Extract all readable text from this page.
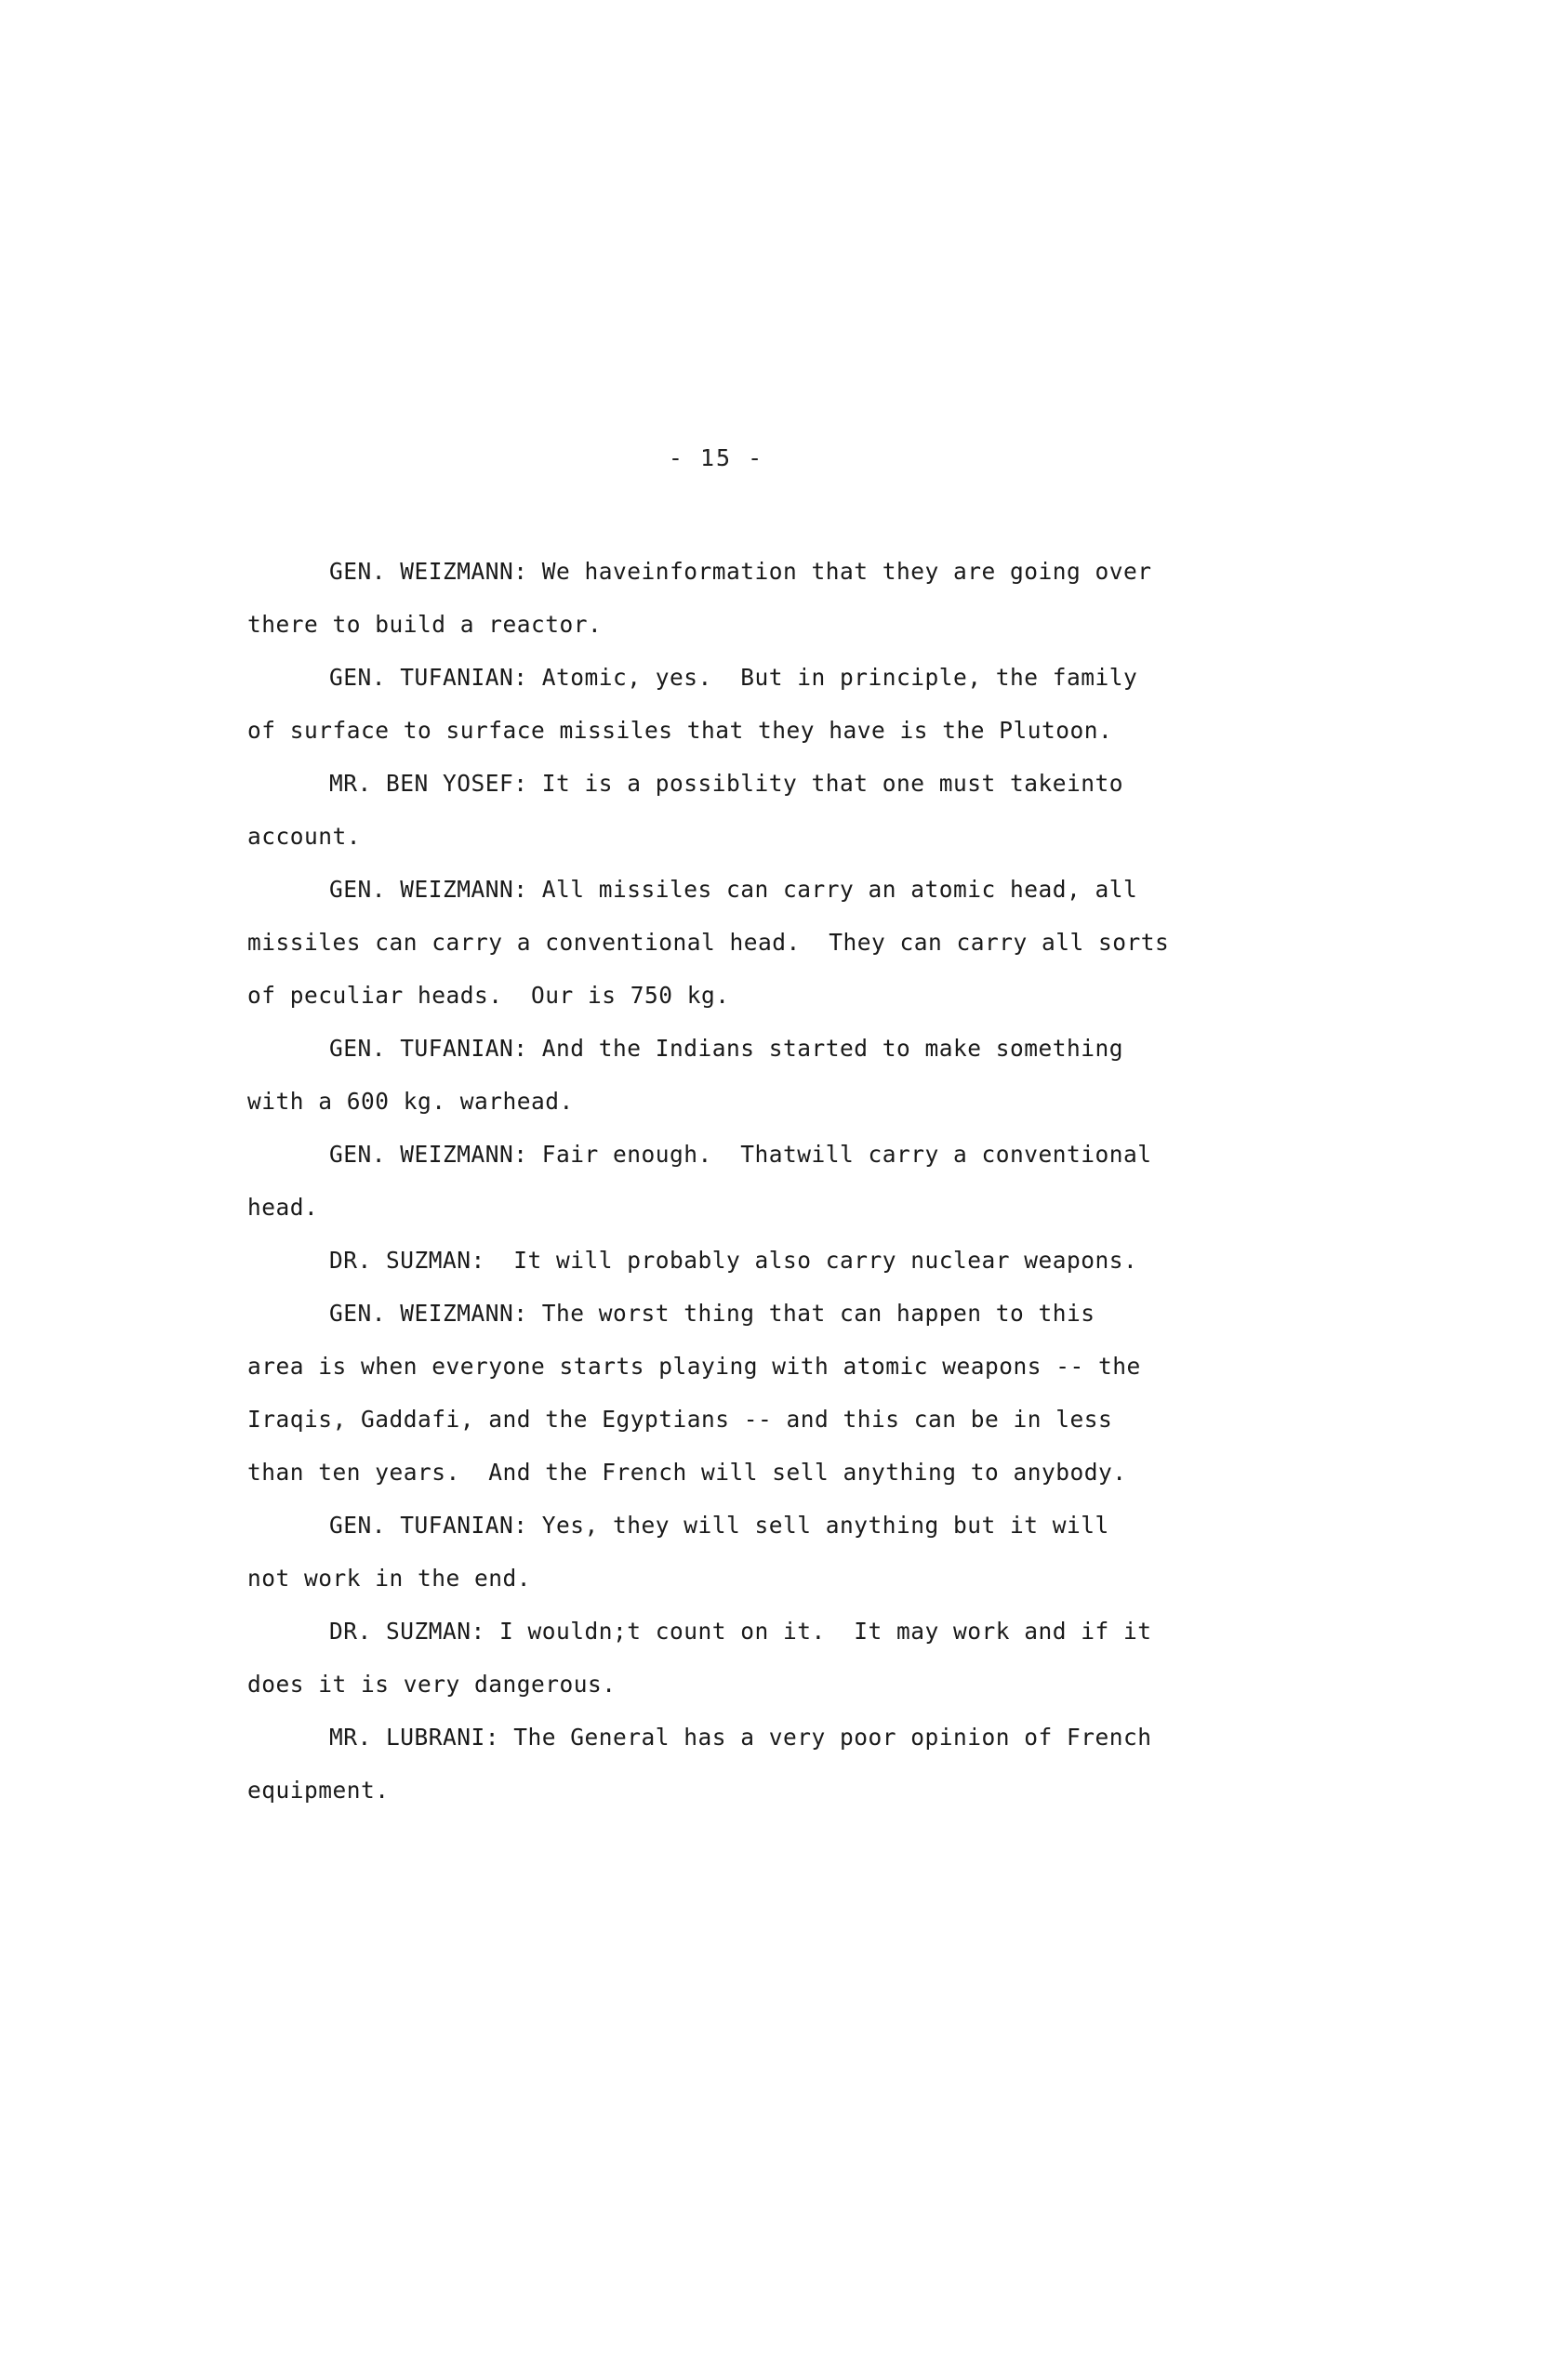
- 15 -
GEN. WEIZMANN: We haveinformation that they are going over
there to build a reactor.
GEN. TUFANIAN: Atomic, yes.  But in principle, the family
of surface to surface missiles that they have is the Plutoon.
MR. BEN YOSEF: It is a possiblity that one must takeinto
account.
GEN. WEIZMANN: All missiles can carry an atomic head, all
missiles can carry a conventional head.  They can carry all sorts
of peculiar heads.  Our is 750 kg.
GEN. TUFANIAN: And the Indians started to make something
with a 600 kg. warhead.
GEN. WEIZMANN: Fair enough.  Thatwill carry a conventional
head.
DR. SUZMAN:  It will probably also carry nuclear weapons.
GEN. WEIZMANN: The worst thing that can happen to this
area is when everyone starts playing with atomic weapons -- the
Iraqis, Gaddafi, and the Egyptians -- and this can be in less
than ten years.  And the French will sell anything to anybody.
GEN. TUFANIAN: Yes, they will sell anything but it will
not work in the end.
DR. SUZMAN: I wouldn;t count on it.  It may work and if it
does it is very dangerous.
MR. LUBRANI: The General has a very poor opinion of French
equipment.
